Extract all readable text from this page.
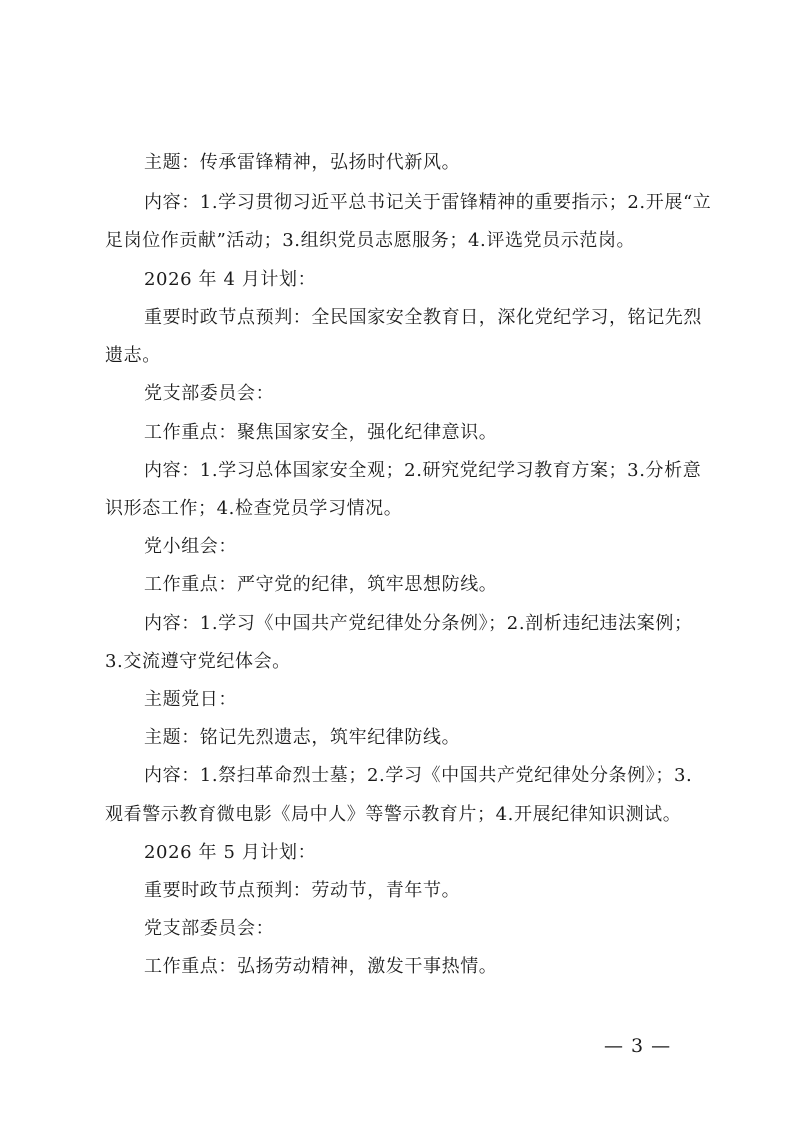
主题：传承雷锋精神，弘扬时代新风。
内容：1.学习贯彻习近平总书记关于雷锋精神的重要指示；2.开展“立
足岗位作贡献”活动；3.组织党员志愿服务；4.评选党员示范岗。
2026 年 4 月计划：
重要时政节点预判：全民国家安全教育日，深化党纪学习，铭记先烈
遗志。
党支部委员会：
工作重点：聚焦国家安全，强化纪律意识。
内容：1.学习总体国家安全观；2.研究党纪学习教育方案；3.分析意
识形态工作；4.检查党员学习情况。
党小组会：
工作重点：严守党的纪律，筑牢思想防线。
内容：1.学习《中国共产党纪律处分条例》；2.剖析违纪违法案例；
3.交流遵守党纪体会。
主题党日：
主题：铭记先烈遗志，筑牢纪律防线。
内容：1.祭扫革命烈士墓；2.学习《中国共产党纪律处分条例》；3.
观看警示教育微电影《局中人》等警示教育片；4.开展纪律知识测试。
2026 年 5 月计划：
重要时政节点预判：劳动节，青年节。
党支部委员会：
工作重点：弘扬劳动精神，激发干事热情。
— 3 —
